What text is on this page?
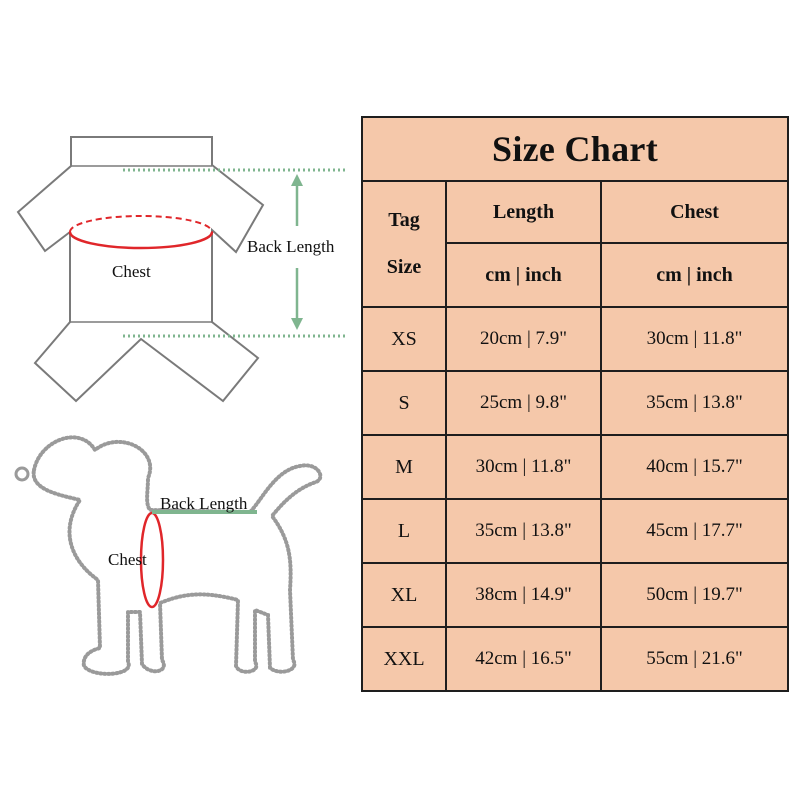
Chest
Back Length
Back Length
Chest
Size Chart		

Tag
Size	Length	Chest
	cm | inch	cm | inch
XS	20cm | 7.9"	30cm | 11.8"
S	25cm | 9.8"	35cm | 13.8"
M	30cm | 11.8"	40cm | 15.7"
L	35cm | 13.8"	45cm | 17.7"
XL	38cm | 14.9"	50cm | 19.7"
XXL	42cm | 16.5"	55cm | 21.6"
